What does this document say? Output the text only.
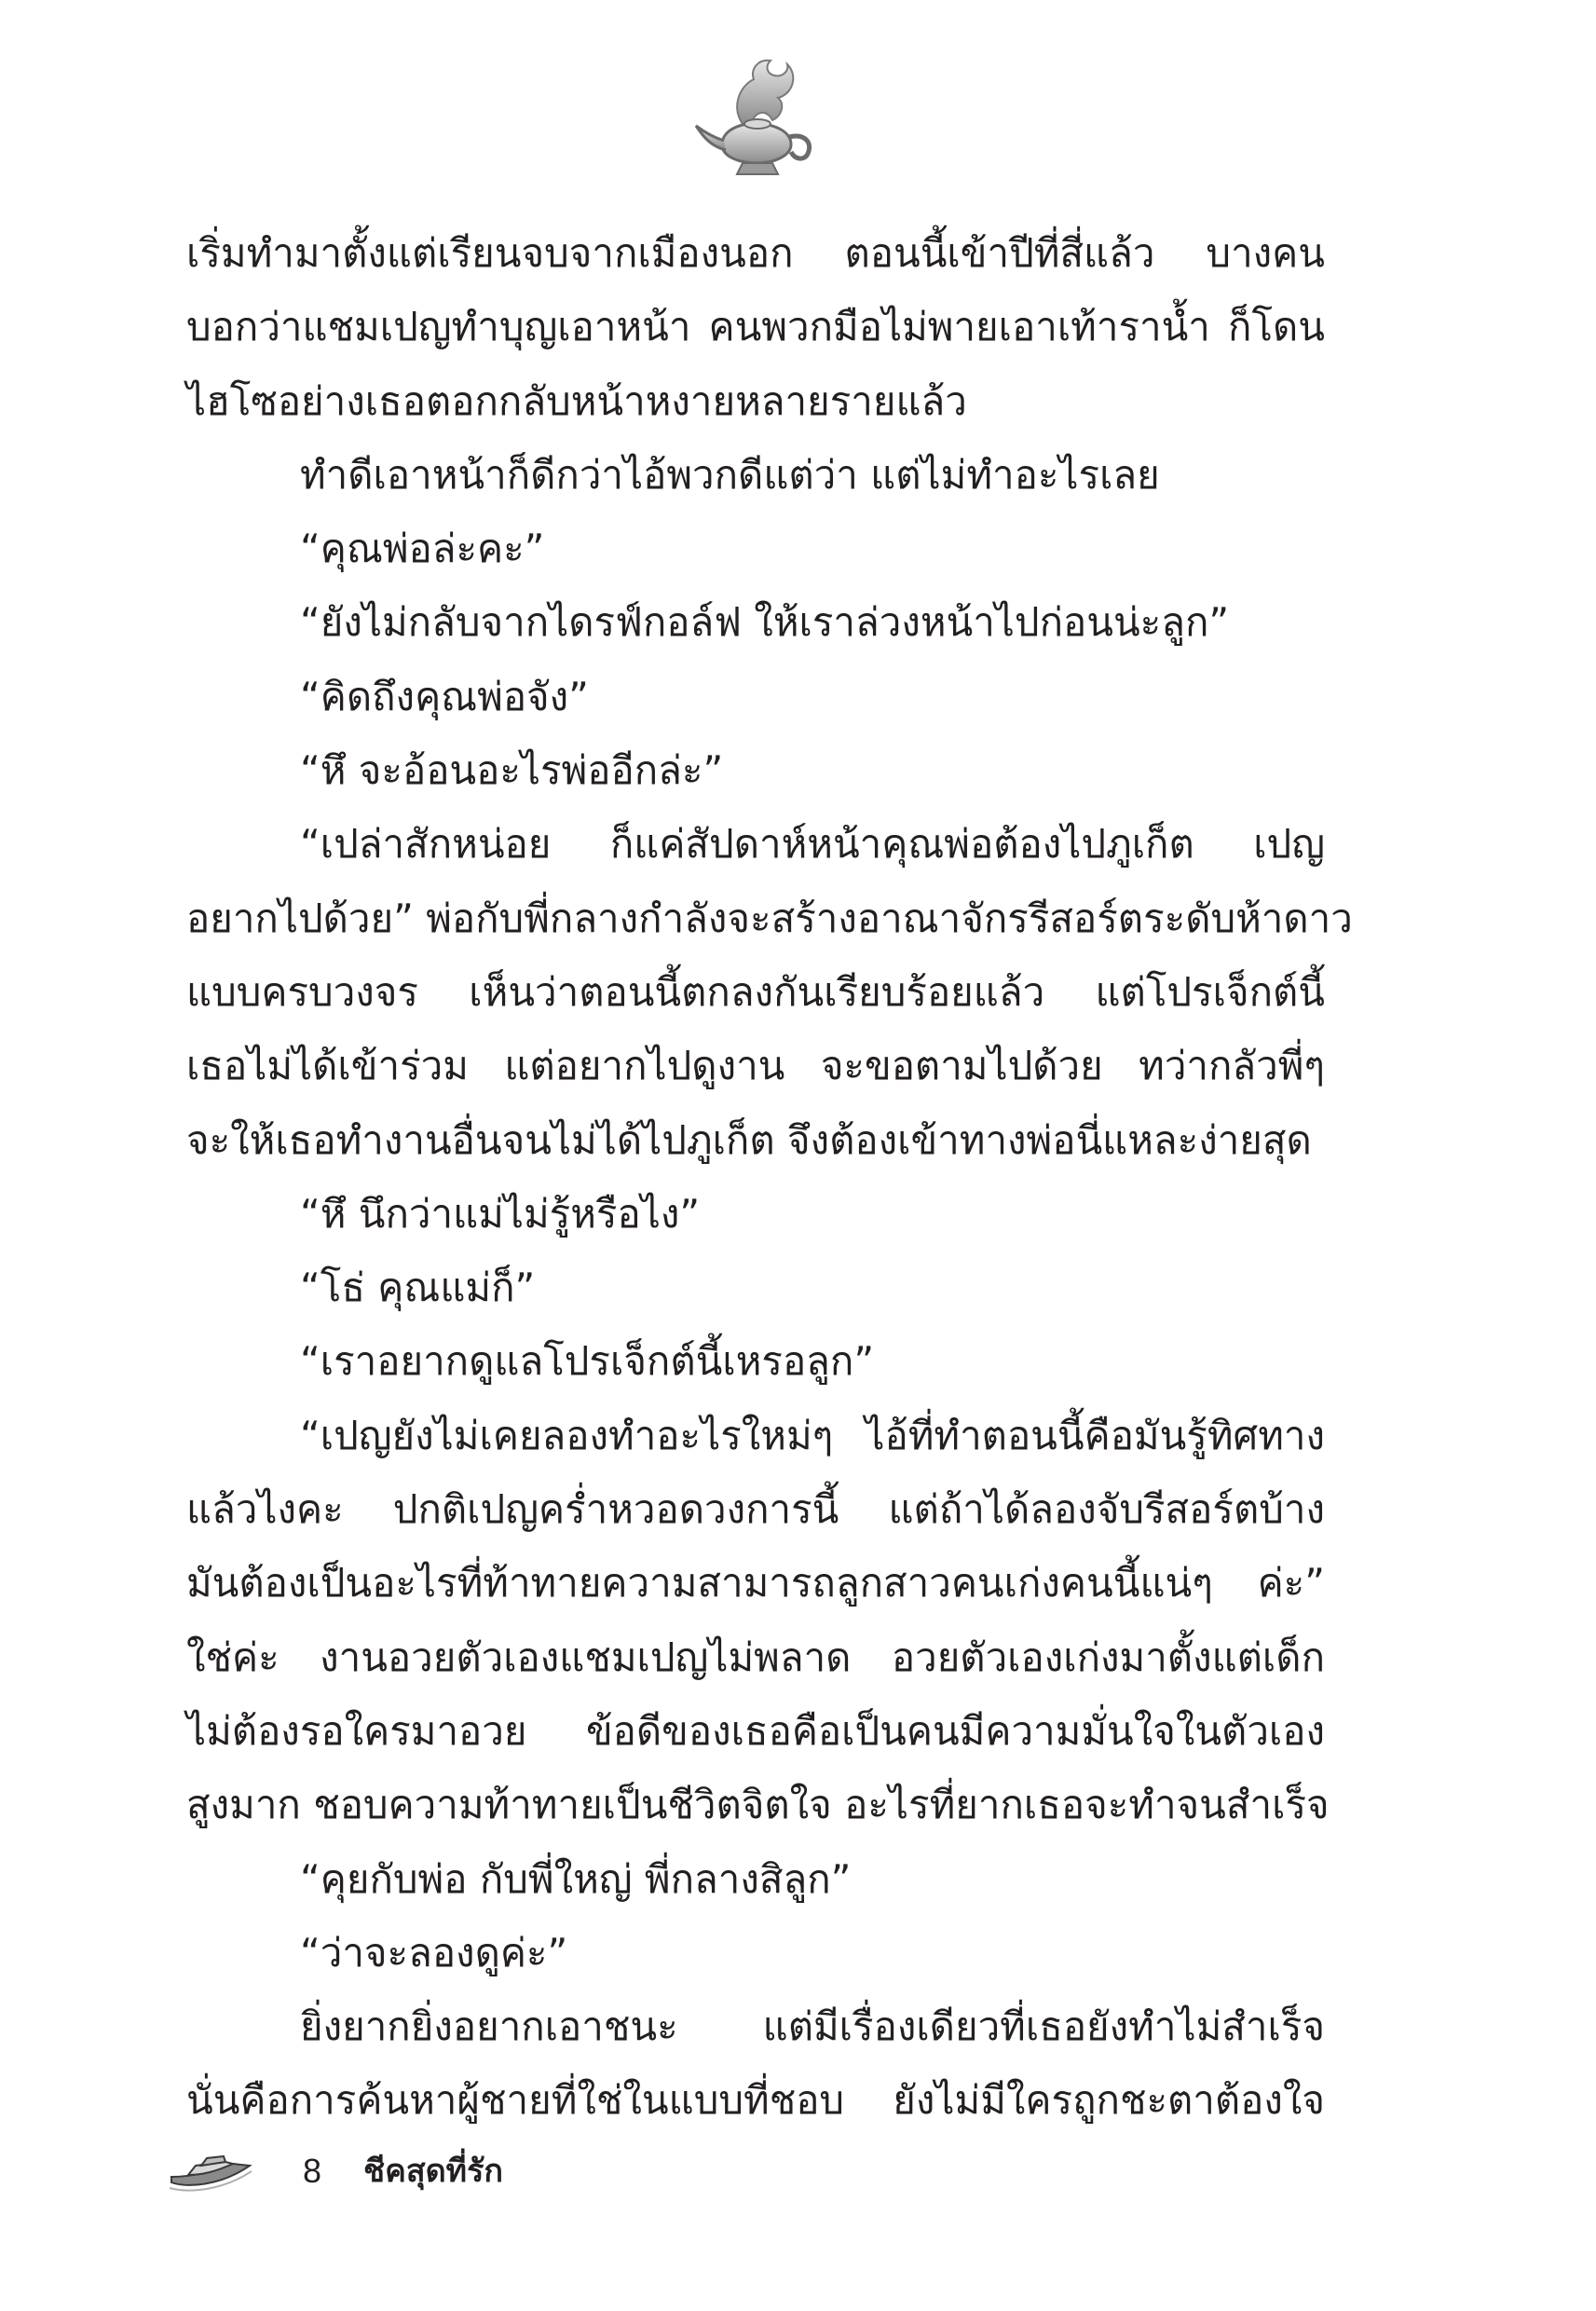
เริ่มทำมาตั้งแต่เรียนจบจากเมืองนอก ตอนนี้เข้าปีที่สี่แล้ว บางคน
บอกว่าแชมเปญทำบุญเอาหน้า คนพวกมือไม่พายเอาเท้ารานํ้า ก็โดน
ไฮโซอย่างเธอตอกกลับหน้าหงายหลายรายแล้ว
ทำดีเอาหน้าก็ดีกว่าไอ้พวกดีแต่ว่า แต่ไม่ทำอะไรเลย
“คุณพ่อล่ะคะ”
“ยังไม่กลับจากไดรฟ์กอล์ฟ ให้เราล่วงหน้าไปก่อนน่ะลูก”
“คิดถึงคุณพ่อจัง”
“หึ จะอ้อนอะไรพ่ออีกล่ะ”
“เปล่าสักหน่อย ก็แค่สัปดาห์หน้าคุณพ่อต้องไปภูเก็ต เปญ
อยากไปด้วย” พ่อกับพี่กลางกำลังจะสร้างอาณาจักรรีสอร์ตระดับห้าดาว
แบบครบวงจร เห็นว่าตอนนี้ตกลงกันเรียบร้อยแล้ว แต่โปรเจ็กต์นี้
เธอไม่ได้เข้าร่วม แต่อยากไปดูงาน จะขอตามไปด้วย ทว่ากลัวพี่ๆ
จะให้เธอทำงานอื่นจนไม่ได้ไปภูเก็ต จึงต้องเข้าทางพ่อนี่แหละง่ายสุด
“หึ นึกว่าแม่ไม่รู้หรือไง”
“โธ่ คุณแม่ก็”
“เราอยากดูแลโปรเจ็กต์นี้เหรอลูก”
“เปญยังไม่เคยลองทำอะไรใหม่ๆ ไอ้ที่ทำตอนนี้คือมันรู้ทิศทาง
แล้วไงคะ ปกติเปญคร่ำหวอดวงการนี้ แต่ถ้าได้ลองจับรีสอร์ตบ้าง
มันต้องเป็นอะไรที่ท้าทายความสามารถลูกสาวคนเก่งคนนี้แน่ๆ ค่ะ”
ใช่ค่ะ งานอวยตัวเองแชมเปญไม่พลาด อวยตัวเองเก่งมาตั้งแต่เด็ก
ไม่ต้องรอใครมาอวย ข้อดีของเธอคือเป็นคนมีความมั่นใจในตัวเอง
สูงมาก ชอบความท้าทายเป็นชีวิตจิตใจ อะไรที่ยากเธอจะทำจนสำเร็จ
“คุยกับพ่อ กับพี่ใหญ่ พี่กลางสิลูก”
“ว่าจะลองดูค่ะ”
ยิ่งยากยิ่งอยากเอาชนะ แต่มีเรื่องเดียวที่เธอยังทำไม่สำเร็จ
นั่นคือการค้นหาผู้ชายที่ใช่ในแบบที่ชอบ ยังไม่มีใครถูกชะตาต้องใจ
8 ชีคสุดที่รัก
